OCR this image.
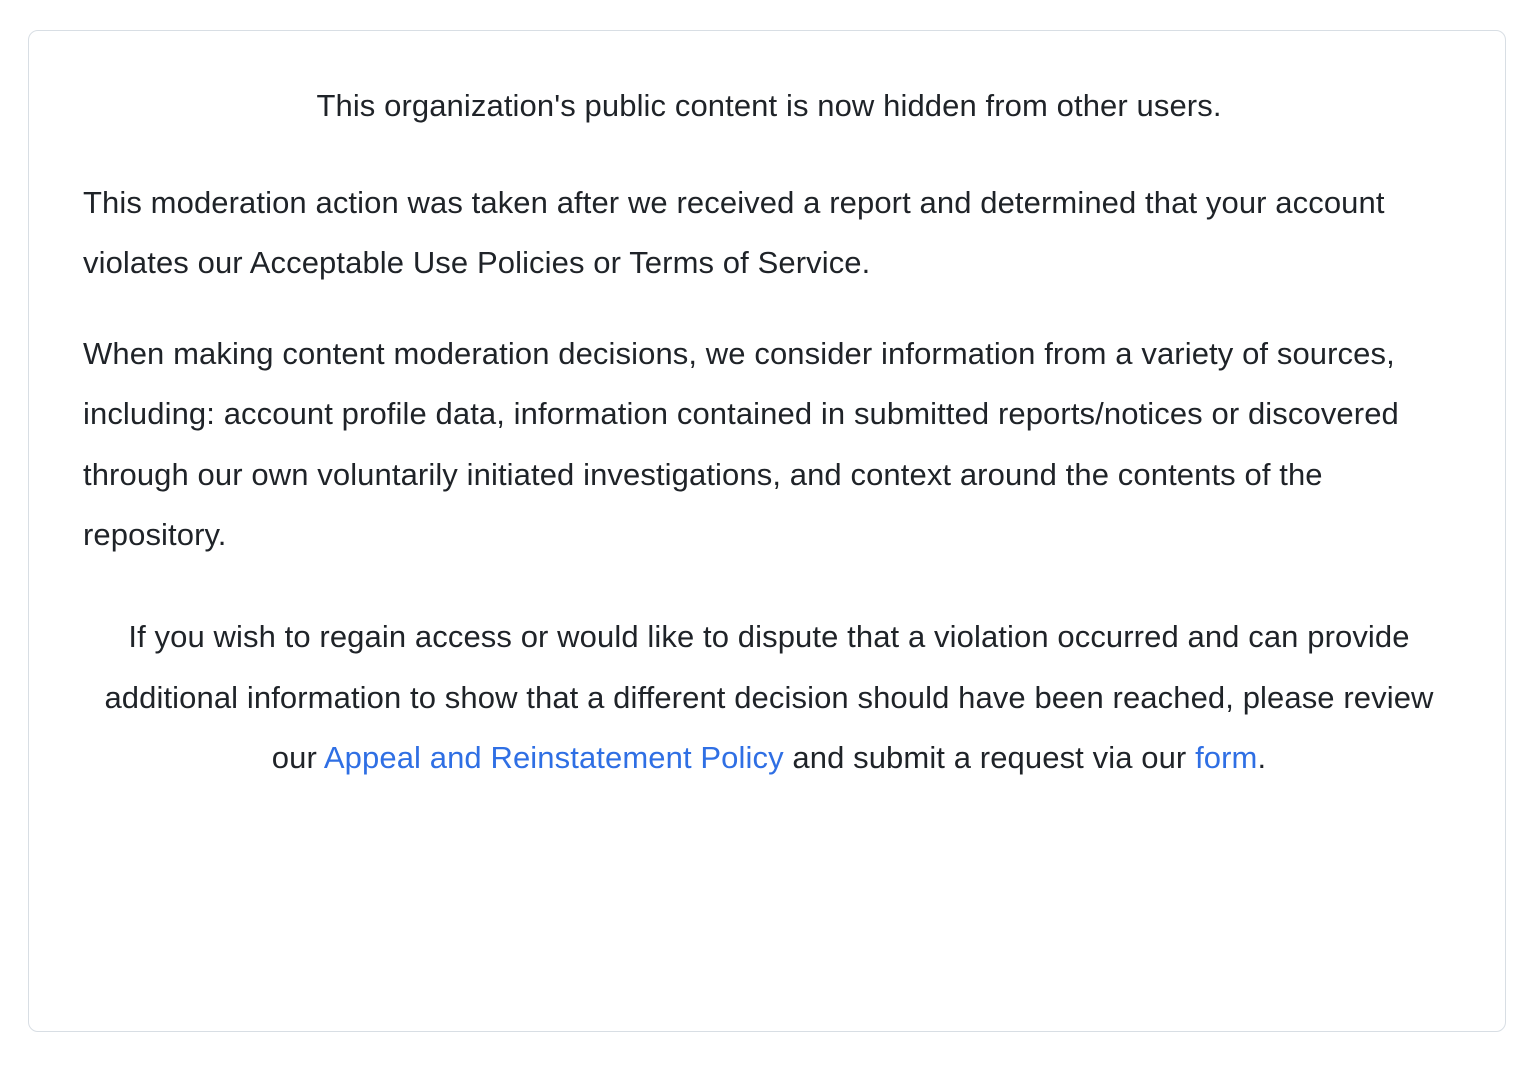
This organization's public content is now hidden from other users.

This moderation action was taken after we received a report and determined that your account violates our Acceptable Use Policies or Terms of Service.

When making content moderation decisions, we consider information from a variety of sources, including: account profile data, information contained in submitted reports/notices or discovered through our own voluntarily initiated investigations, and context around the contents of the repository.

If you wish to regain access or would like to dispute that a violation occurred and can provide additional information to show that a different decision should have been reached, please review our Appeal and Reinstatement Policy and submit a request via our form.
